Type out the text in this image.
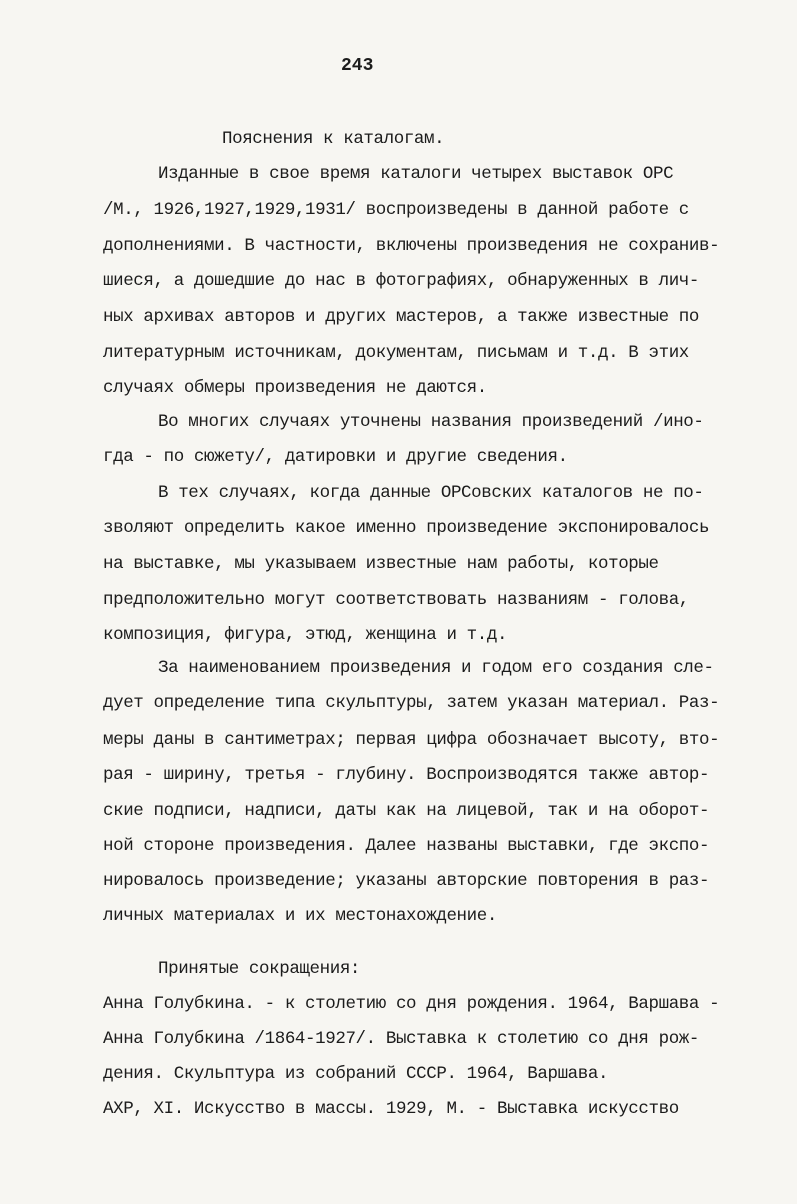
243

Пояснения к каталогам.

Изданные в свое время каталоги четырех выставок ОРС

/М., 1926,1927,1929,1931/ воспроизведены в данной работе с

дополнениями. В частности, включены произведения не сохранив-

шиеся, а дошедшие до нас в фотографиях, обнаруженных в лич-

ных архивах авторов и других мастеров, а также известные по

литературным источникам, документам, письмам и т.д. В этих

случаях обмеры произведения не даются.

Во многих случаях уточнены названия произведений /ино-

гда - по сюжету/, датировки и другие сведения.

В тех случаях, когда данные ОРСовских каталогов не по-

зволяют определить какое именно произведение экспонировалось

на выставке, мы указываем известные нам работы, которые

предположительно могут соответствовать названиям - голова,

композиция, фигура, этюд, женщина и т.д.

За наименованием произведения и годом его создания сле-

дует определение типа скульптуры, затем указан материал. Раз-

меры даны в сантиметрах; первая цифра обозначает высоту, вто-

рая - ширину, третья - глубину. Воспроизводятся также автор-

ские подписи, надписи, даты как на лицевой, так и на оборот-

ной стороне произведения. Далее названы выставки, где экспо-

нировалось произведение; указаны авторские повторения в раз-

личных материалах и их местонахождение.

Принятые сокращения:

Анна Голубкина. - к столетию со дня рождения. 1964, Варшава -

Анна Голубкина /1864-1927/. Выставка к столетию со дня рож-

дения. Скульптура из собраний СССР. 1964, Варшава.

АХР, XI. Искусство в массы. 1929, М. - Выставка искусство
